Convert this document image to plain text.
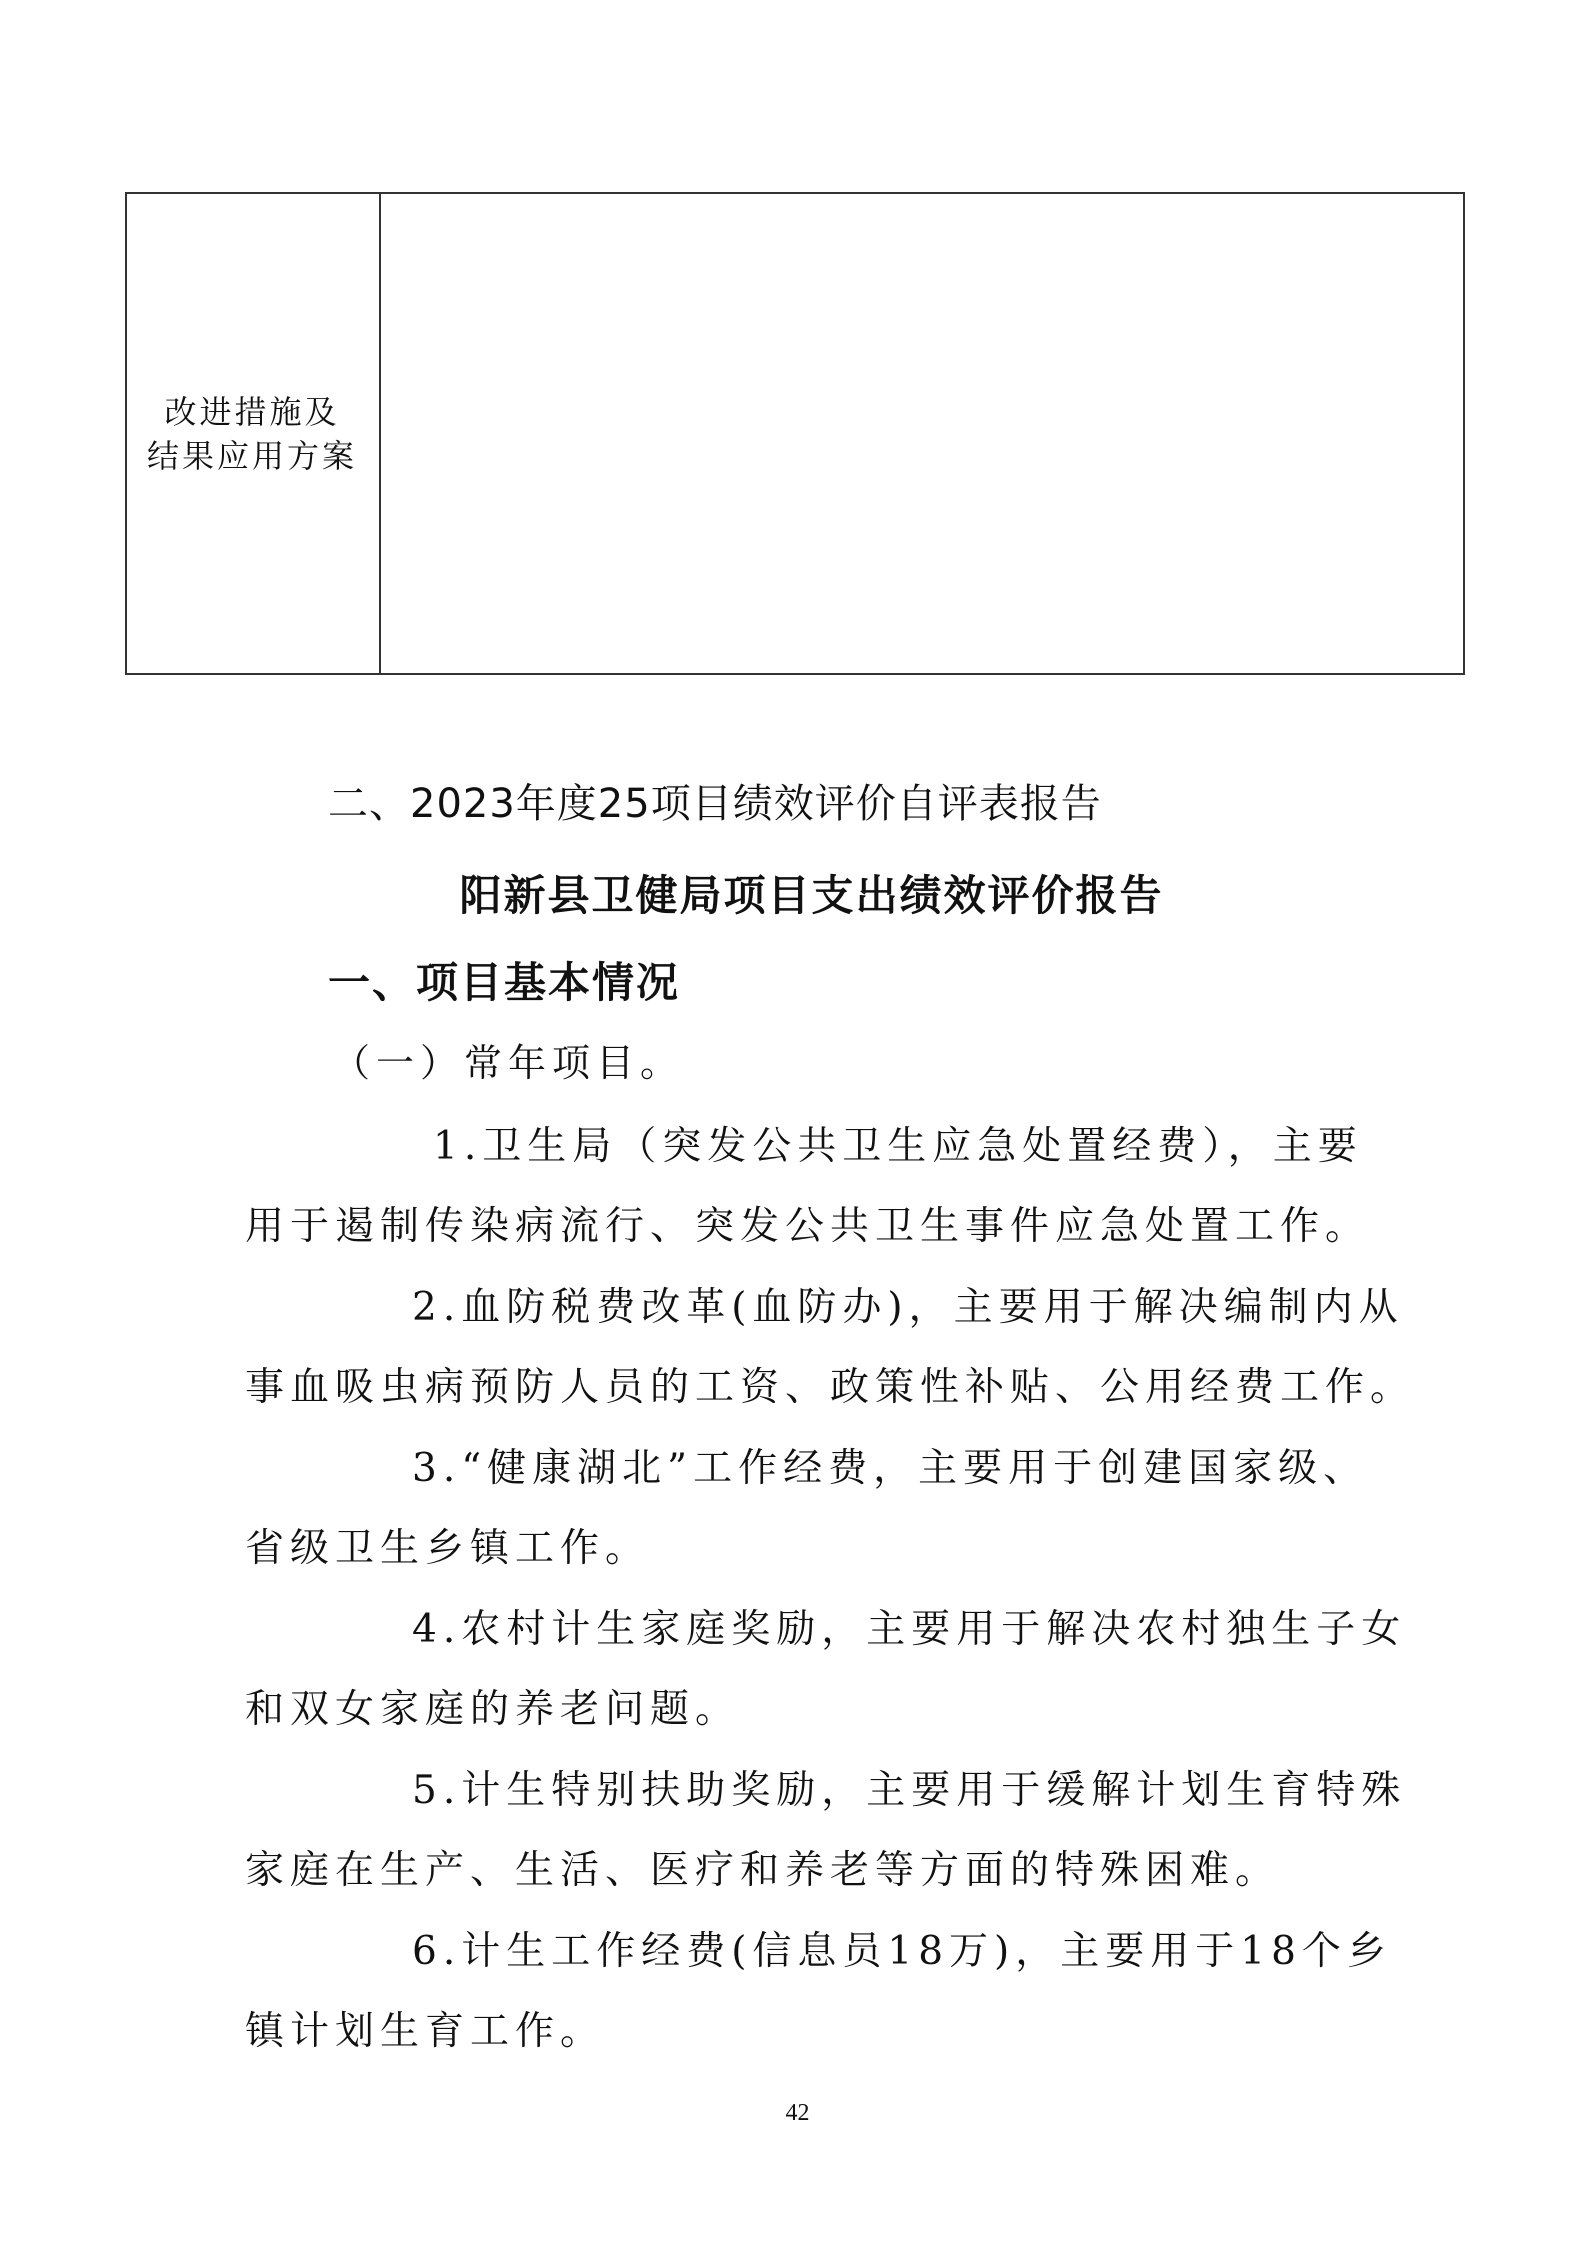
改进措施及
结果应用方案

二、2023年度25项目绩效评价自评表报告

阳新县卫健局项目支出绩效评价报告

一、项目基本情况

（一）常年项目。

1.卫生局（突发公共卫生应急处置经费），主要

用于遏制传染病流行、突发公共卫生事件应急处置工作。

2.血防税费改革(血防办)，主要用于解决编制内从

事血吸虫病预防人员的工资、政策性补贴、公用经费工作。

3.“健康湖北”工作经费，主要用于创建国家级、

省级卫生乡镇工作。

4.农村计生家庭奖励，主要用于解决农村独生子女

和双女家庭的养老问题。

5.计生特别扶助奖励，主要用于缓解计划生育特殊

家庭在生产、生活、医疗和养老等方面的特殊困难。

6.计生工作经费(信息员18万)，主要用于18个乡

镇计划生育工作。

42
